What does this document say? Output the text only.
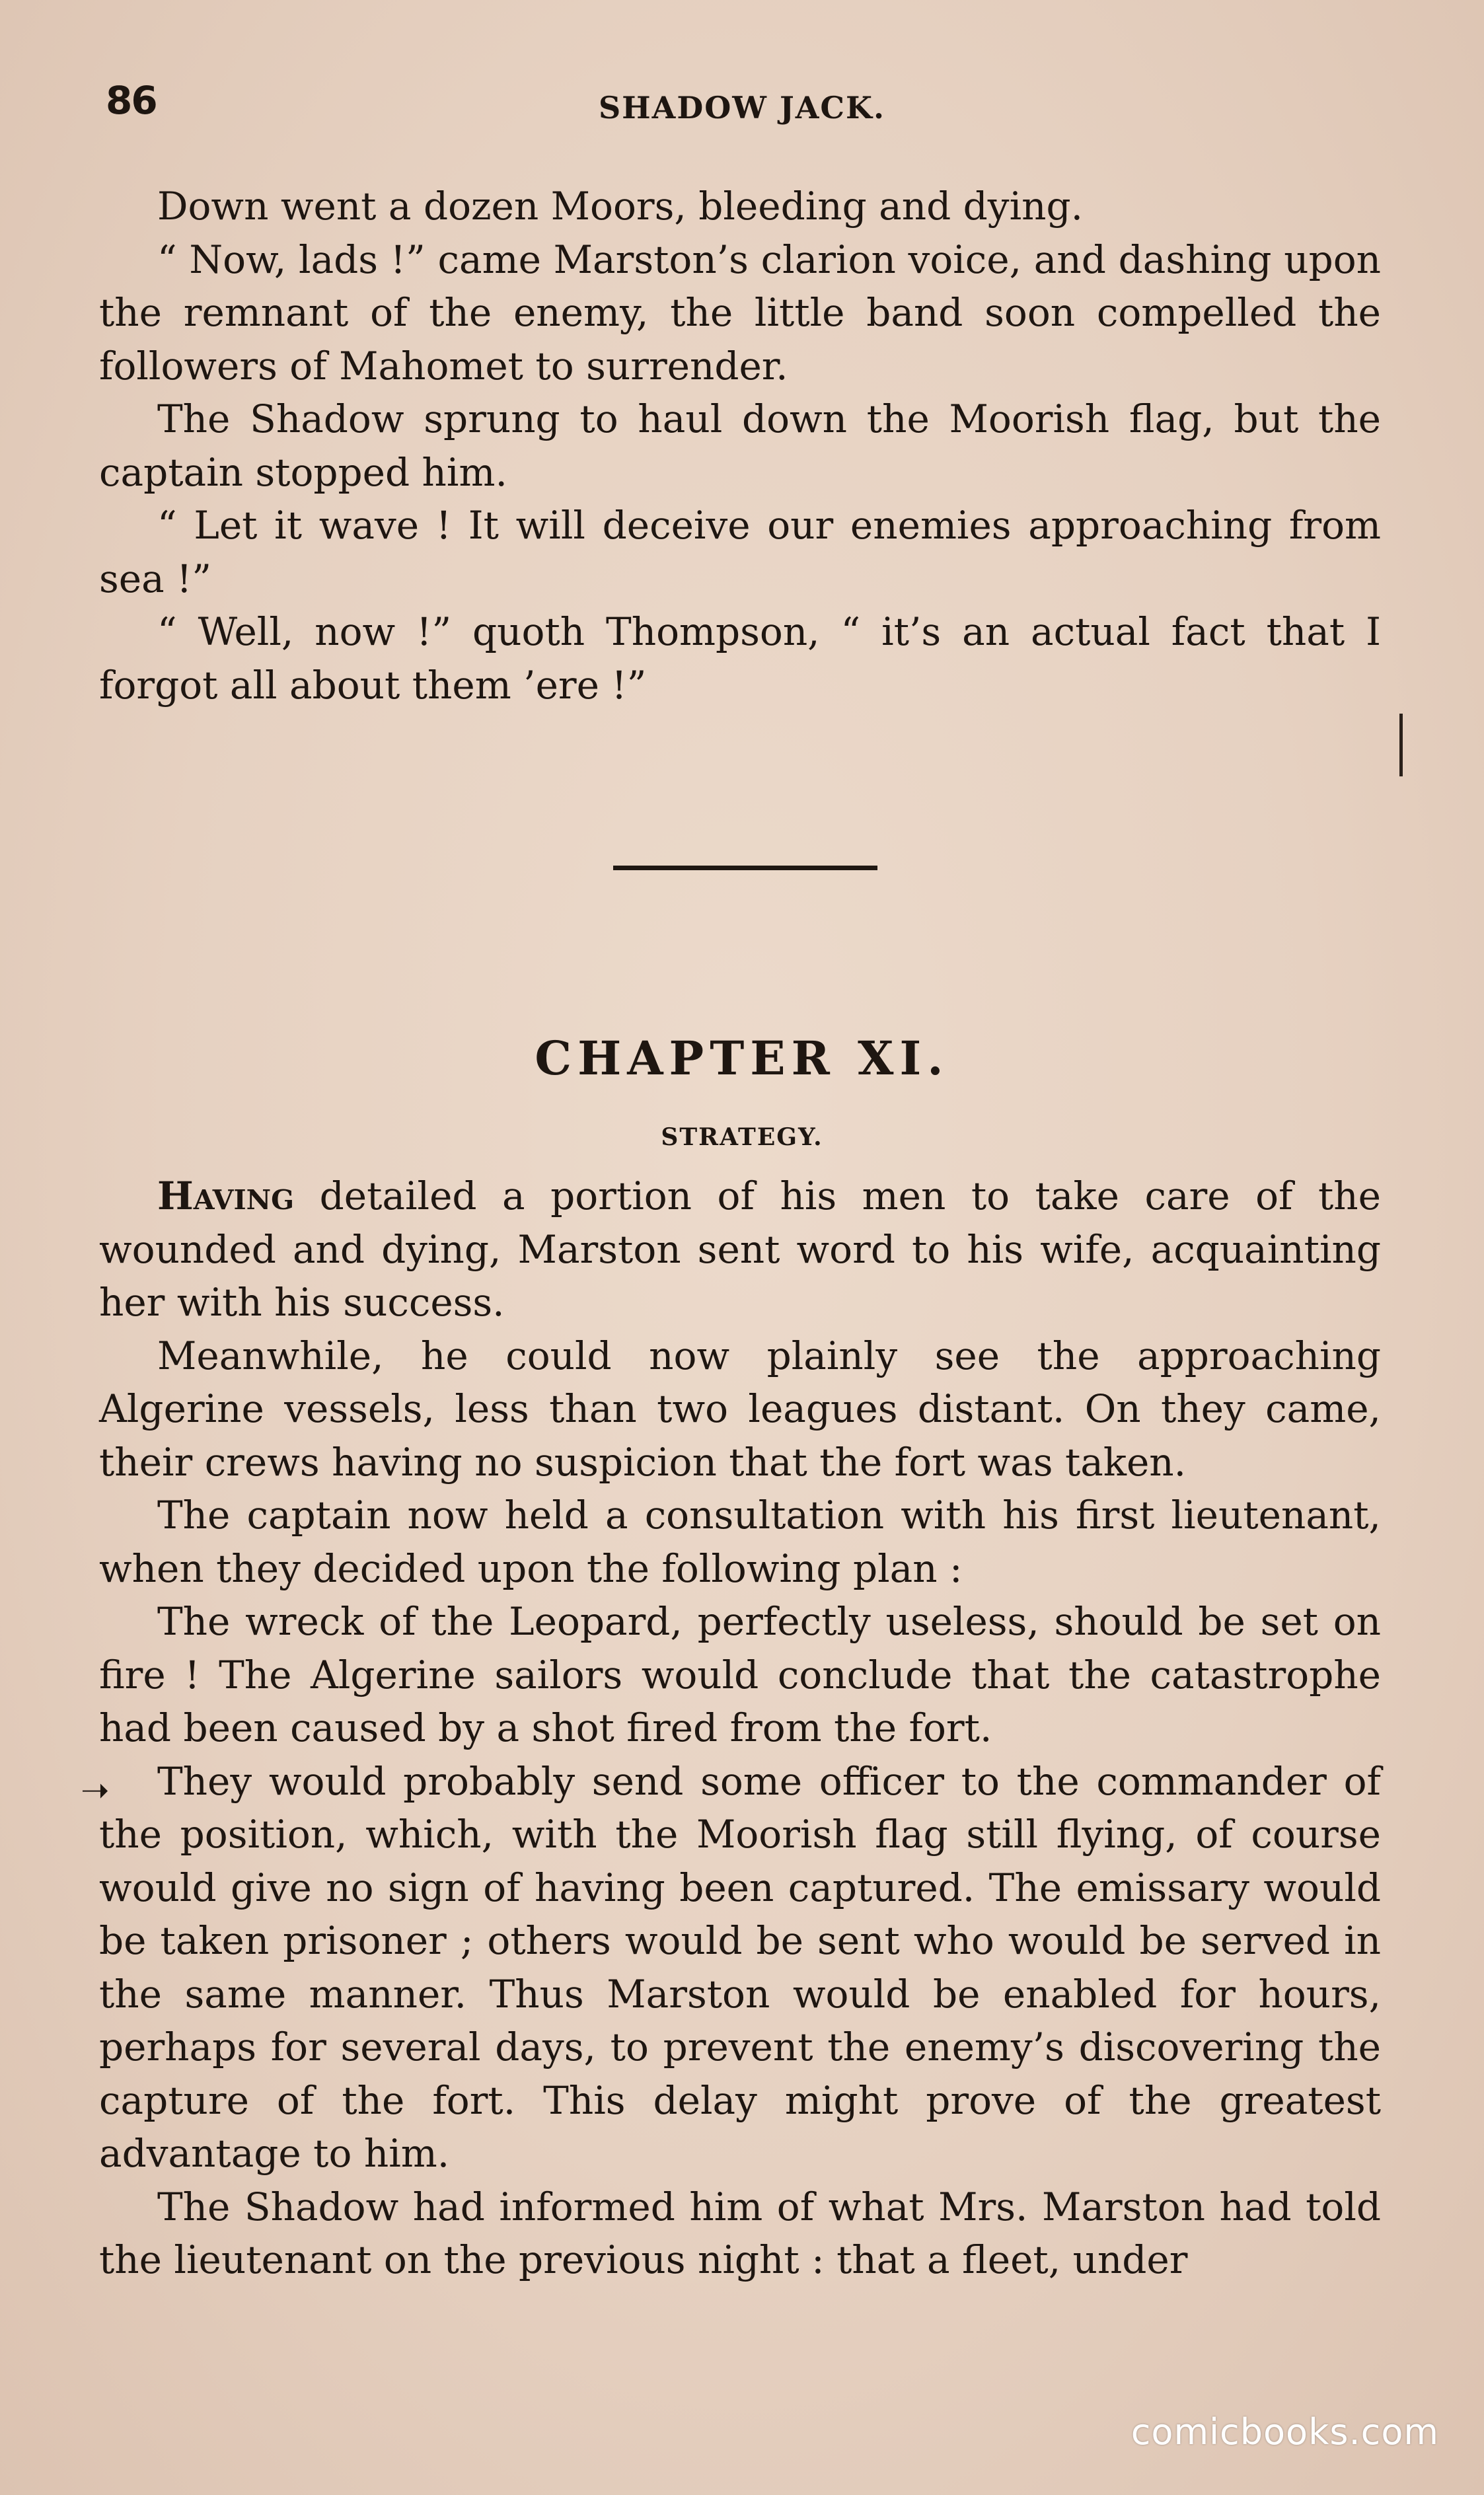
86	SHADOW JACK.

Down went a dozen Moors, bleeding and dying.

“ Now, lads !” came Marston’s clarion voice, and dashing upon the remnant of the enemy, the little band soon compelled the followers of Mahomet to surrender.

The Shadow sprung to haul down the Moorish flag, but the captain stopped him.

“ Let it wave ! It will deceive our enemies approaching from sea !”

“ Well, now !” quoth Thompson, “ it’s an actual fact that I forgot all about them ’ere !”

CHAPTER XI.
STRATEGY.

Having detailed a portion of his men to take care of the wounded and dying, Marston sent word to his wife, acquainting her with his success.

Meanwhile, he could now plainly see the approaching Algerine vessels, less than two leagues distant. On they came, their crews having no suspicion that the fort was taken.

The captain now held a consultation with his first lieutenant, when they decided upon the following plan :

The wreck of the Leopard, perfectly useless, should be set on fire ! The Algerine sailors would conclude that the catastrophe had been caused by a shot fired from the fort.

They would probably send some officer to the commander of the position, which, with the Moorish flag still flying, of course would give no sign of having been captured. The emissary would be taken prisoner ; others would be sent who would be served in the same manner. Thus Marston would be enabled for hours, perhaps for several days, to prevent the enemy’s discovering the capture of the fort. This delay might prove of the greatest advantage to him.

The Shadow had informed him of what Mrs. Marston had told the lieutenant on the previous night : that a fleet, under

➝
comicbooks.com
